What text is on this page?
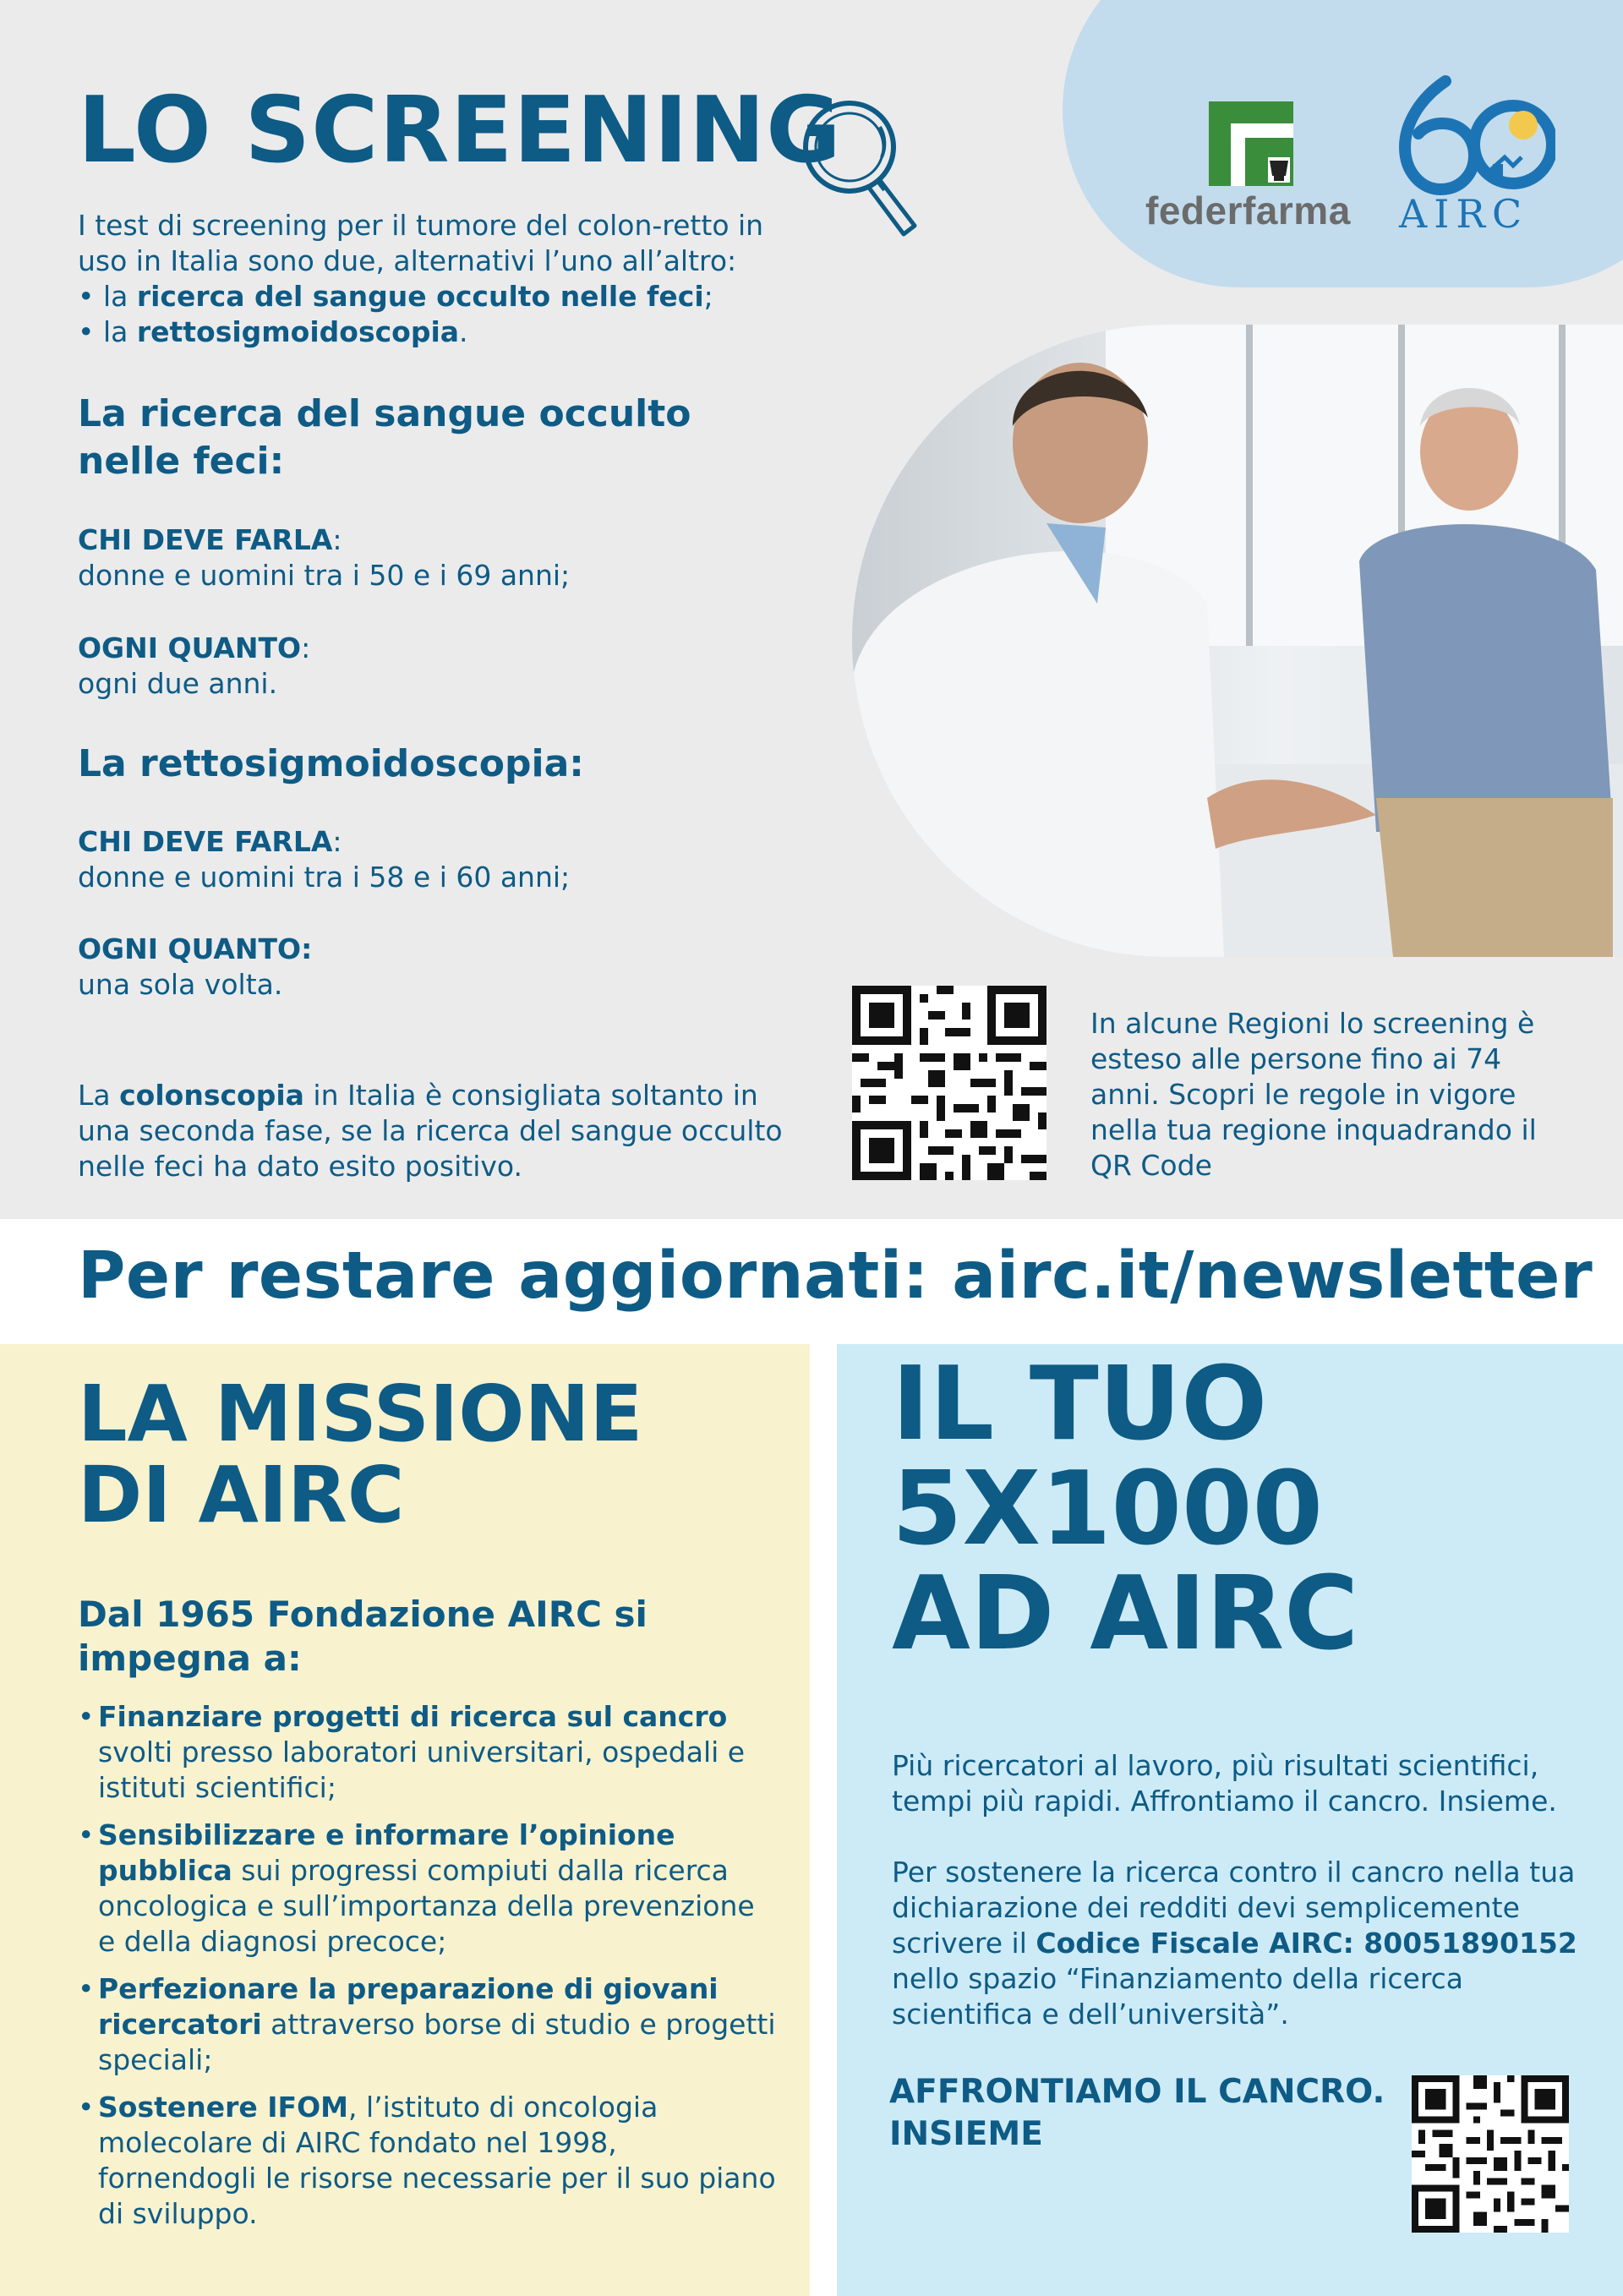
LO SCREENING
federfarma AIRC
I test di screening per il tumore del colon-retto in
uso in Italia sono due, alternativi l’uno all’altro:
• la ricerca del sangue occulto nelle feci;
• la rettosigmoidoscopia.
La ricerca del sangue occulto nelle feci:
CHI DEVE FARLA:
donne e uomini tra i 50 e i 69 anni;
OGNI QUANTO:
ogni due anni.
La rettosigmoidoscopia:
CHI DEVE FARLA:
donne e uomini tra i 58 e i 60 anni;
OGNI QUANTO:
una sola volta.
La colonscopia in Italia è consigliata soltanto in una seconda fase, se la ricerca del sangue occulto nelle feci ha dato esito positivo.
In alcune Regioni lo screening è esteso alle persone fino ai 74 anni. Scopri le regole in vigore nella tua regione inquadrando il QR Code
Per restare aggiornati: airc.it/newsletter
LA MISSIONE
DI AIRC
Dal 1965 Fondazione AIRC si impegna a:
• Finanziare progetti di ricerca sul cancro svolti presso laboratori universitari, ospedali e istituti scientifici;
• Sensibilizzare e informare l’opinione pubblica sui progressi compiuti dalla ricerca oncologica e sull’importanza della prevenzione e della diagnosi precoce;
• Perfezionare la preparazione di giovani ricercatori attraverso borse di studio e progetti speciali;
• Sostenere IFOM, l’istituto di oncologia molecolare di AIRC fondato nel 1998, fornendogli le risorse necessarie per il suo piano di sviluppo.
IL TUO
5X1000
AD AIRC
Più ricercatori al lavoro, più risultati scientifici, tempi più rapidi. Affrontiamo il cancro. Insieme.
Per sostenere la ricerca contro il cancro nella tua dichiarazione dei redditi devi semplicemente scrivere il Codice Fiscale AIRC: 80051890152 nello spazio “Finanziamento della ricerca scientifica e dell’università”.
AFFRONTIAMO IL CANCRO.
INSIEME
